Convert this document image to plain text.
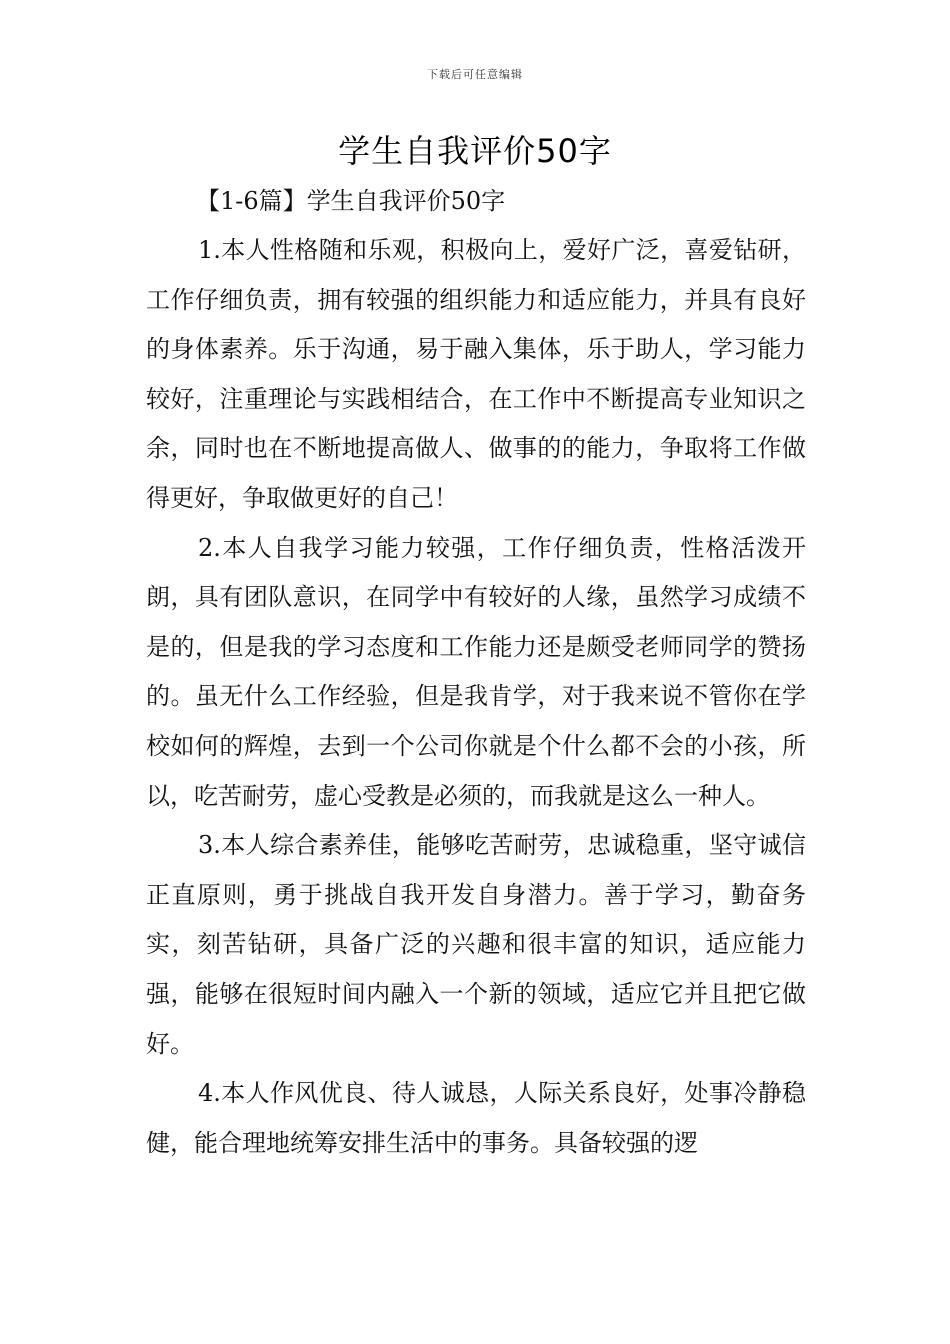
下载后可任意编辑
学生自我评价50字

【1-6篇】学生自我评价50字

1.本人性格随和乐观，积极向上，爱好广泛，喜爱钻研，工作仔细负责，拥有较强的组织能力和适应能力，并具有良好的身体素养。乐于沟通，易于融入集体，乐于助人，学习能力较好，注重理论与实践相结合，在工作中不断提高专业知识之余，同时也在不断地提高做人、做事的的能力，争取将工作做得更好，争取做更好的自己！

2.本人自我学习能力较强，工作仔细负责，性格活泼开朗，具有团队意识，在同学中有较好的人缘，虽然学习成绩不是的，但是我的学习态度和工作能力还是颇受老师同学的赞扬的。虽无什么工作经验，但是我肯学，对于我来说不管你在学校如何的辉煌，去到一个公司你就是个什么都不会的小孩，所以，吃苦耐劳，虚心受教是必须的，而我就是这么一种人。

3.本人综合素养佳，能够吃苦耐劳，忠诚稳重，坚守诚信正直原则，勇于挑战自我开发自身潜力。善于学习，勤奋务实，刻苦钻研，具备广泛的兴趣和很丰富的知识，适应能力强，能够在很短时间内融入一个新的领域，适应它并且把它做好。

4.本人作风优良、待人诚恳，人际关系良好，处事冷静稳健，能合理地统筹安排生活中的事务。具备较强的逻
